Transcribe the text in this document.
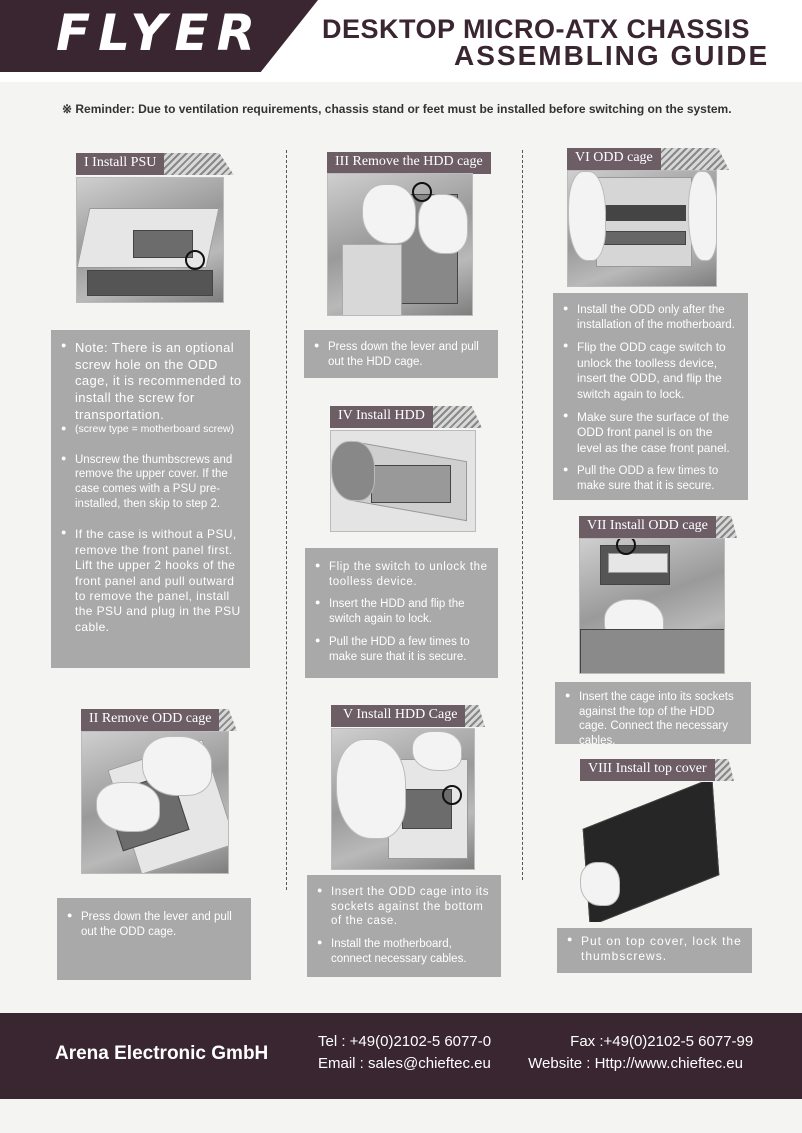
FLYER DESKTOP MICRO-ATX CHASSIS
ASSEMBLING GUIDE
※ Reminder: Due to ventilation requirements, chassis stand or feet must be installed before switching on the system.
I Install PSU
● Note: There is an optional screw hole on the ODD cage, it is recommended to install the screw for transportation.
● (screw type = motherboard screw)
● Unscrew the thumbscrews and remove the upper cover. If the case comes with a PSU pre-installed, then skip to step 2.
● If the case is without a PSU, remove the front panel first. Lift the upper 2 hooks of the front panel and pull outward to remove the panel, install the PSU and plug in the PSU cable.
II Remove ODD cage
● Press down the lever and pull out the ODD cage.
III Remove the HDD cage
● Press down the lever and pull out the HDD cage.
IV Install HDD
● Flip the switch to unlock the toolless device.
● Insert the HDD and flip the switch again to lock.
● Pull the HDD a few times to make sure that it is secure.
V Install HDD Cage
● Insert the ODD cage into its sockets against the bottom of the case.
● Install the motherboard, connect necessary cables.
VI ODD cage
● Install the ODD only after the installation of the motherboard.
● Flip the ODD cage switch to unlock the toolless device, insert the ODD, and flip the switch again to lock.
● Make sure the surface of the ODD front panel is on the level as the case front panel.
● Pull the ODD a few times to make sure that it is secure.
VII Install ODD cage
● Insert the cage into its sockets against the top of the HDD cage. Connect the necessary cables.
VIII Install top cover
● Put on top cover, lock the thumbscrews.
Arena Electronic GmbH
Tel : +49(0)2102-5 6077-0	Fax :+49(0)2102-5 6077-99
Email : sales@chieftec.eu Website : Http://www.chieftec.eu
